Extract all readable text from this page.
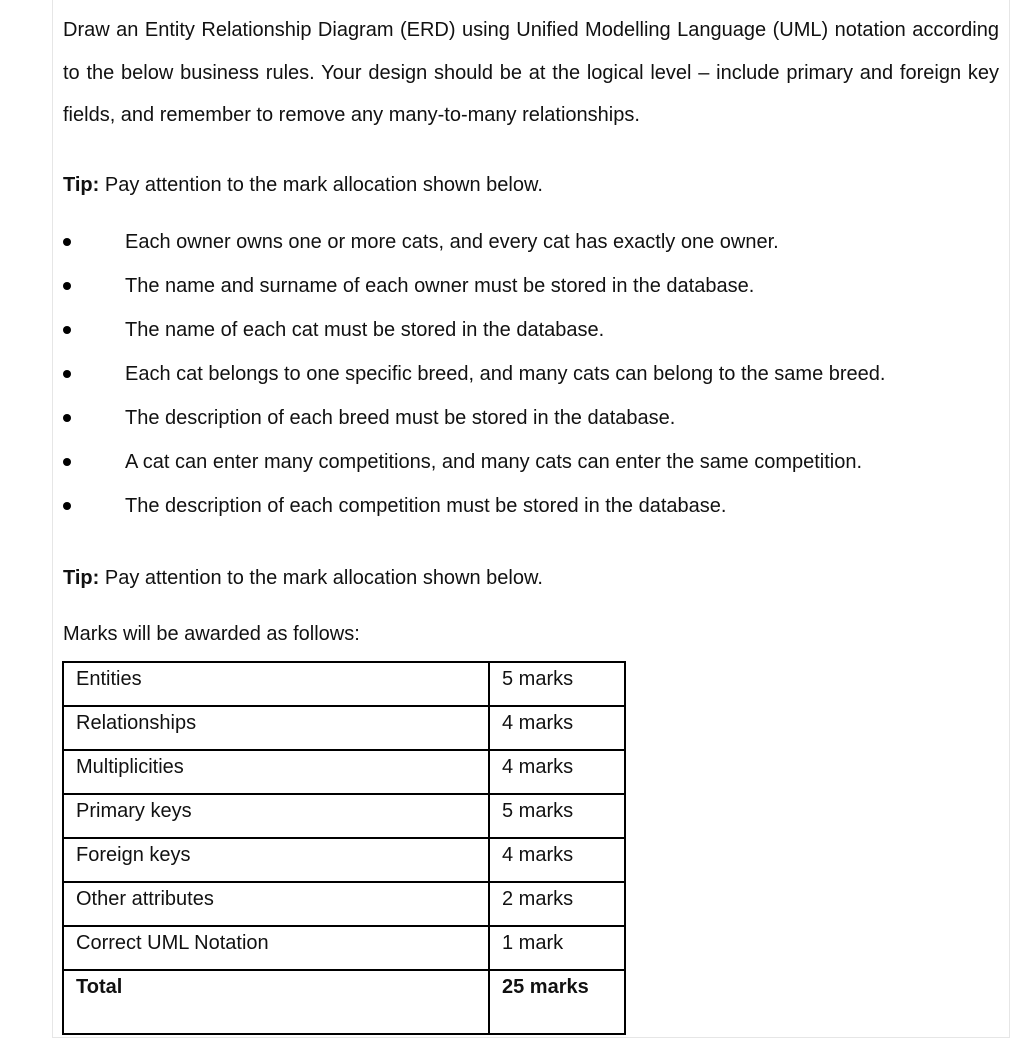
Draw an Entity Relationship Diagram (ERD) using Unified Modelling Language (UML) notation according to the below business rules. Your design should be at the logical level – include primary and foreign key fields, and remember to remove any many-to-many relationships.

Tip: Pay attention to the mark allocation shown below.

Each owner owns one or more cats, and every cat has exactly one owner.
The name and surname of each owner must be stored in the database.
The name of each cat must be stored in the database.
Each cat belongs to one specific breed, and many cats can belong to the same breed.
The description of each breed must be stored in the database.
A cat can enter many competitions, and many cats can enter the same competition.
The description of each competition must be stored in the database.

Tip: Pay attention to the mark allocation shown below.

Marks will be awarded as follows:

Entities	5 marks
Relationships	4 marks
Multiplicities	4 marks
Primary keys	5 marks
Foreign keys	4 marks
Other attributes	2 marks
Correct UML Notation	1 mark
Total	25 marks
